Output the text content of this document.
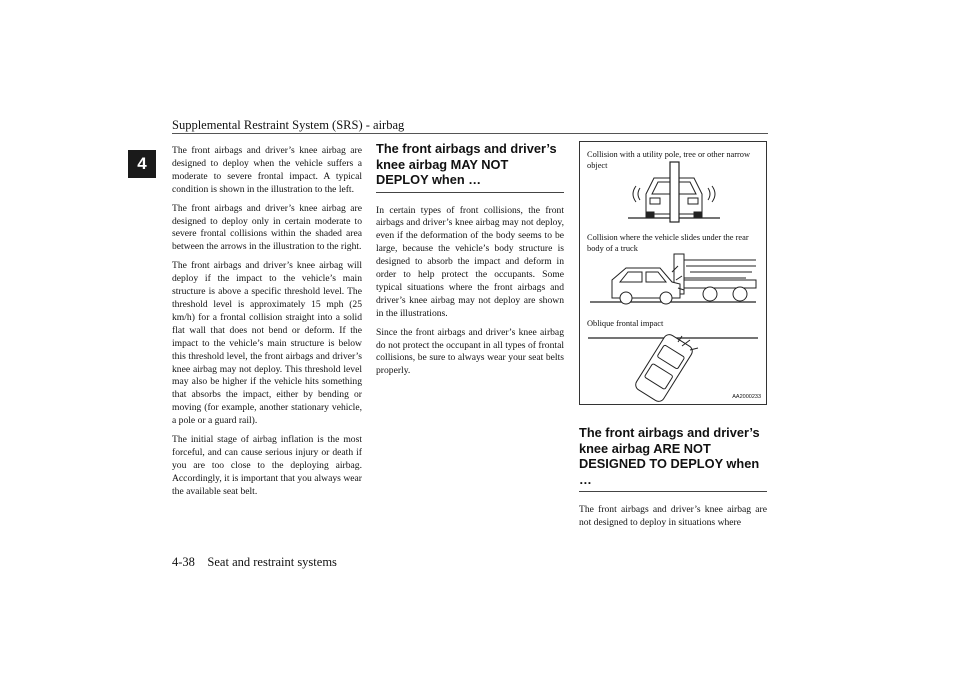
Supplemental Restraint System (SRS) - airbag
4

The front airbags and driver’s knee airbag are designed to deploy when the vehicle suffers a moderate to severe frontal impact. A typical condition is shown in the illustration to the left.

The front airbags and driver’s knee airbag are designed to deploy only in certain moderate to severe frontal collisions within the shaded area between the arrows in the illustration to the right.

The front airbags and driver’s knee airbag will deploy if the impact to the vehicle’s main structure is above a specific threshold level. The threshold level is approximately 15 mph (25 km/h) for a frontal collision straight into a solid flat wall that does not bend or deform. If the impact to the vehicle’s main structure is below this threshold level, the front airbags and driver’s knee airbag may not deploy. This threshold level may also be higher if the vehicle hits something that absorbs the impact, either by bending or moving (for example, another stationary vehicle, a pole or a guard rail).

The initial stage of airbag inflation is the most forceful, and can cause serious injury or death if you are too close to the deploying airbag. Accordingly, it is important that you always wear the available seat belt.

The front airbags and driver’s knee airbag MAY NOT DEPLOY when …

In certain types of front collisions, the front airbags and driver’s knee airbag may not deploy, even if the deformation of the body seems to be large, because the vehicle’s body structure is designed to absorb the impact and deform in order to help protect the occupants. Some typical situations where the front airbags and driver’s knee airbag may not deploy are shown in the illustrations.

Since the front airbags and driver’s knee airbag do not protect the occupant in all types of frontal collisions, be sure to always wear your seat belts properly.

Collision with a utility pole, tree or other narrow object
Collision where the vehicle slides under the rear body of a truck
Oblique frontal impact
AA2000233
The front airbags and driver’s knee airbag ARE NOT DESIGNED TO DEPLOY when …

The front airbags and driver’s knee airbag are not designed to deploy in situations where

4-38 Seat and restraint systems
